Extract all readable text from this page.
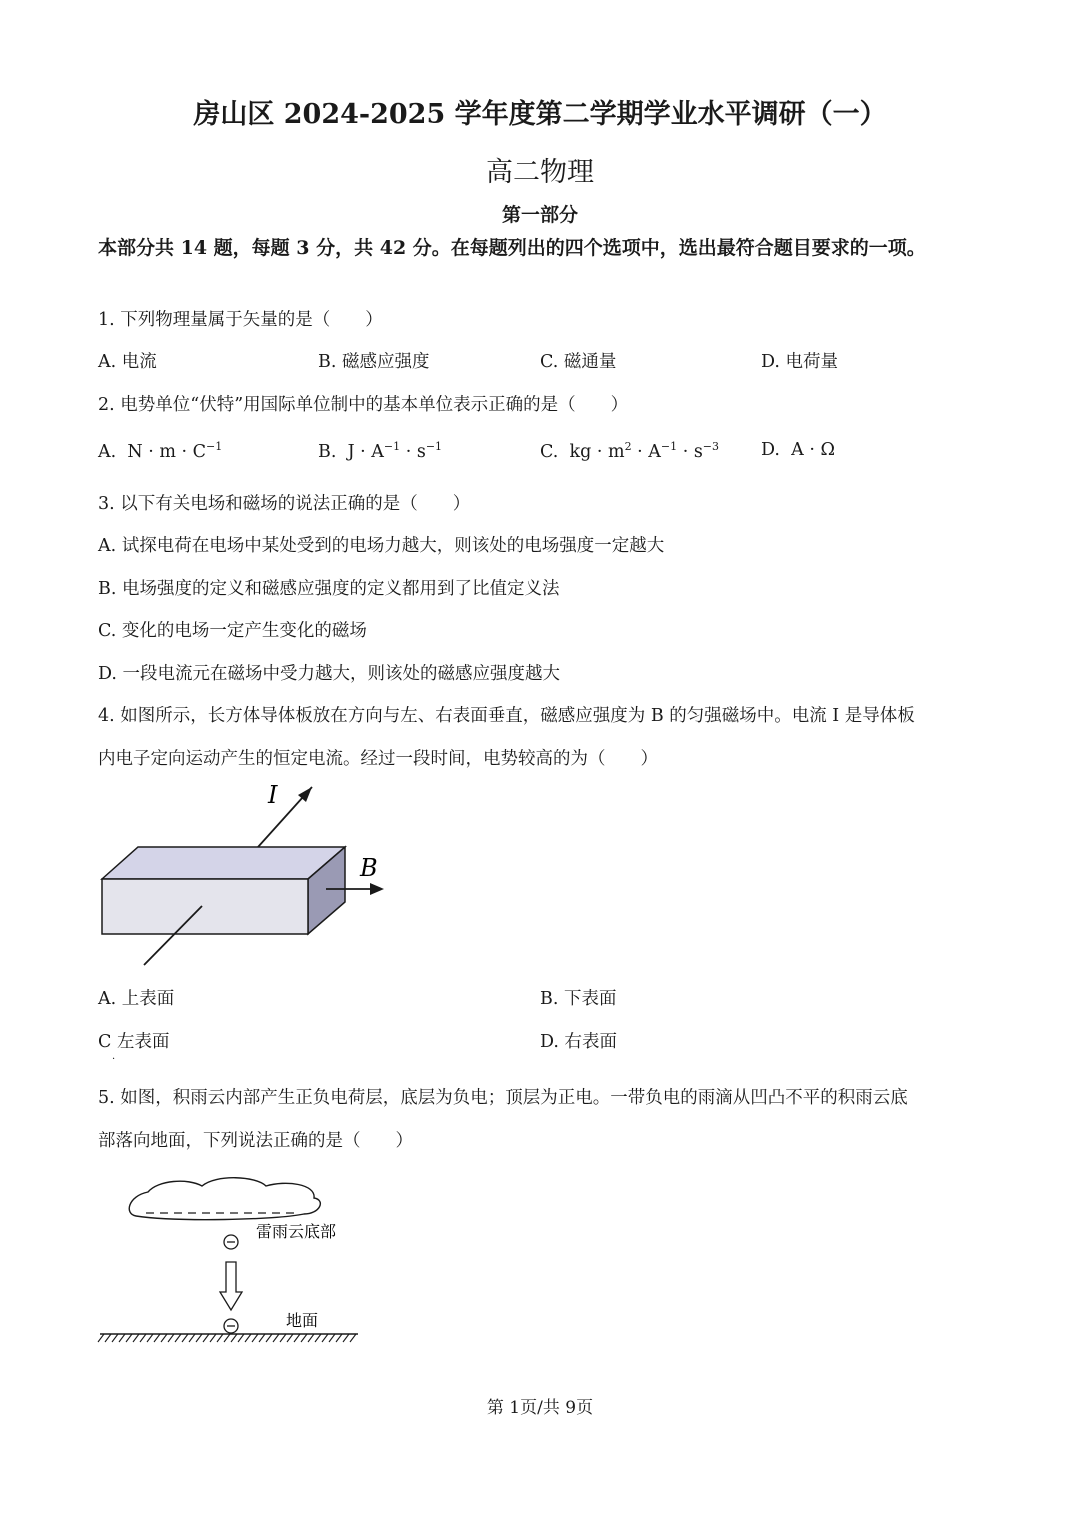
房山区 2024-2025 学年度第二学期学业水平调研（一）
高二物理
第一部分
本部分共 14 题，每题 3 分，共 42 分。在每题列出的四个选项中，选出最符合题目要求的一项。
1. 下列物理量属于矢量的是（　　）
A. 电流	B. 磁感应强度	C. 磁通量	D. 电荷量
2. 电势单位“伏特”用国际单位制中的基本单位表示正确的是（　　）
A. $N \cdot m \cdot C^{-1}$	B. $J \cdot A^{-1} \cdot s^{-1}$	C. kg · $m^2 \cdot A^{-1} \cdot s^{-3}$ D. A · Ω
3. 以下有关电场和磁场的说法正确的是（　　）
A. 试探电荷在电场中某处受到的电场力越大，则该处的电场强度一定越大
B. 电场强度的定义和磁感应强度的定义都用到了比值定义法
C. 变化的电场一定产生变化的磁场
D. 一段电流元在磁场中受力越大，则该处的磁感应强度越大
4. 如图所示，长方体导体板放在方向与左、右表面垂直，磁感应强度为 B 的匀强磁场中。电流 I 是导体板
内电子定向运动产生的恒定电流。经过一段时间，电势较高的为（　　）
I
B
A. 上表面	B. 下表面
C 左表面	D. 右表面
·
5. 如图，积雨云内部产生正负电荷层，底层为负电；顶层为正电。一带负电的雨滴从凹凸不平的积雨云底
部落向地面，下列说法正确的是（　　）
雷雨云底部
地面
第 1页/共 9页
